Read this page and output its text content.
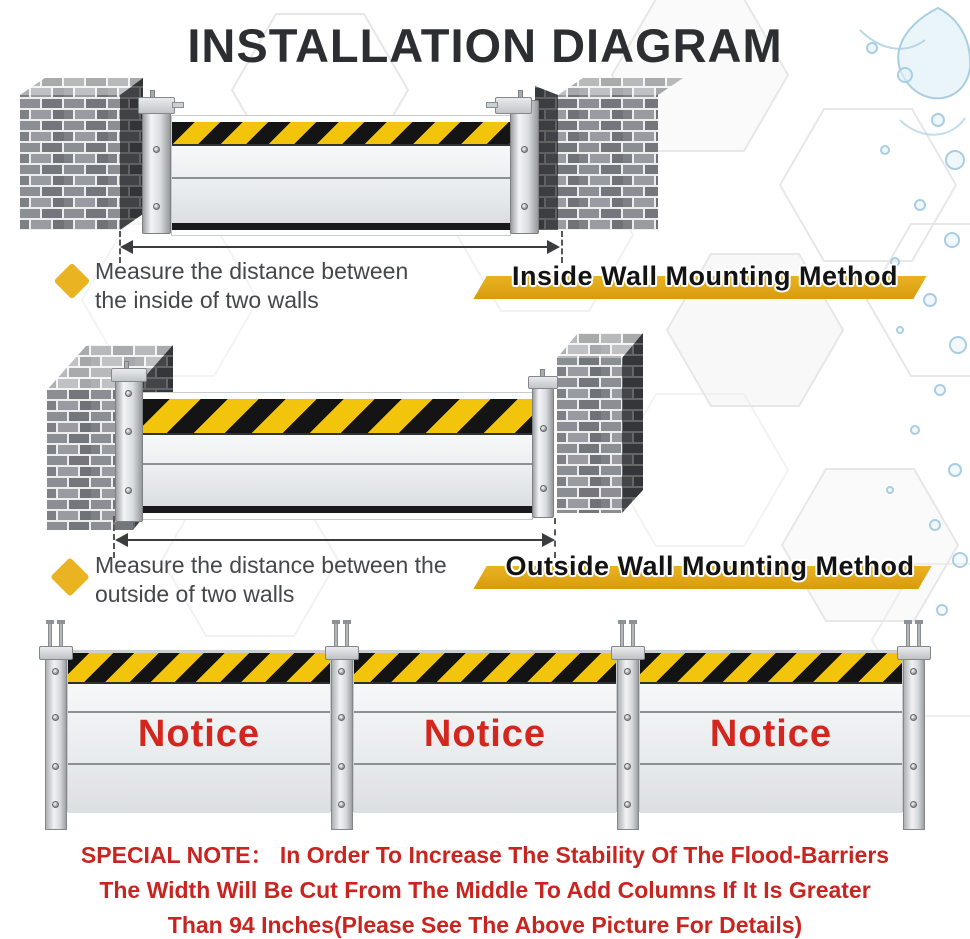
INSTALLATION DIAGRAM
Measure the distance between
the inside of two walls
Inside Wall Mounting Method
Measure the distance between the
outside of two walls
Outside Wall Mounting Method
Notice	Notice	Notice
SPECIAL NOTE： In Order To Increase The Stability Of The Flood-Barriers
The Width Will Be Cut From The Middle To Add Columns If It Is Greater
Than 94 Inches(Please See The Above Picture For Details)
